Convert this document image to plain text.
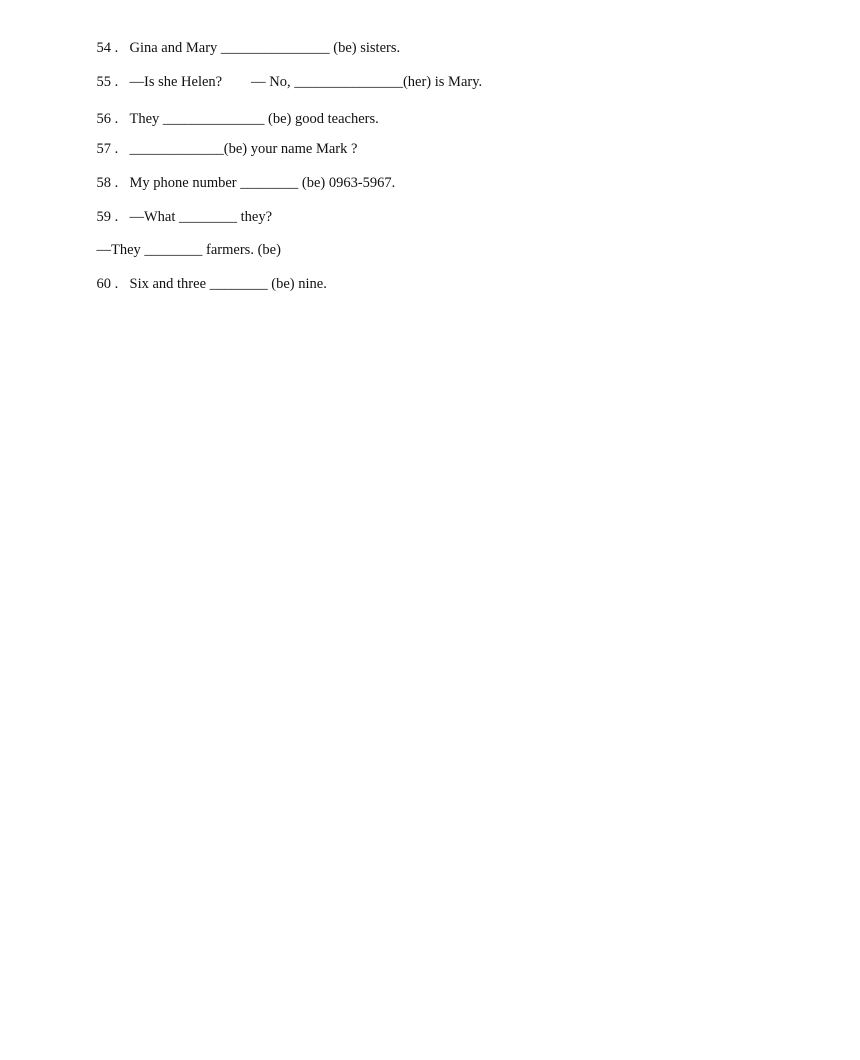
54 . Gina and Mary _______________ (be) sisters.

55 . —Is she Helen?        — No, _______________(her) is Mary.

56 . They ______________ (be) good teachers.

57 . _____________(be) your name Mark ?

58 . My phone number ________ (be) 0963-5967.

59 . —What ________ they?

—They ________ farmers. (be)

60 . Six and three ________ (be) nine.
